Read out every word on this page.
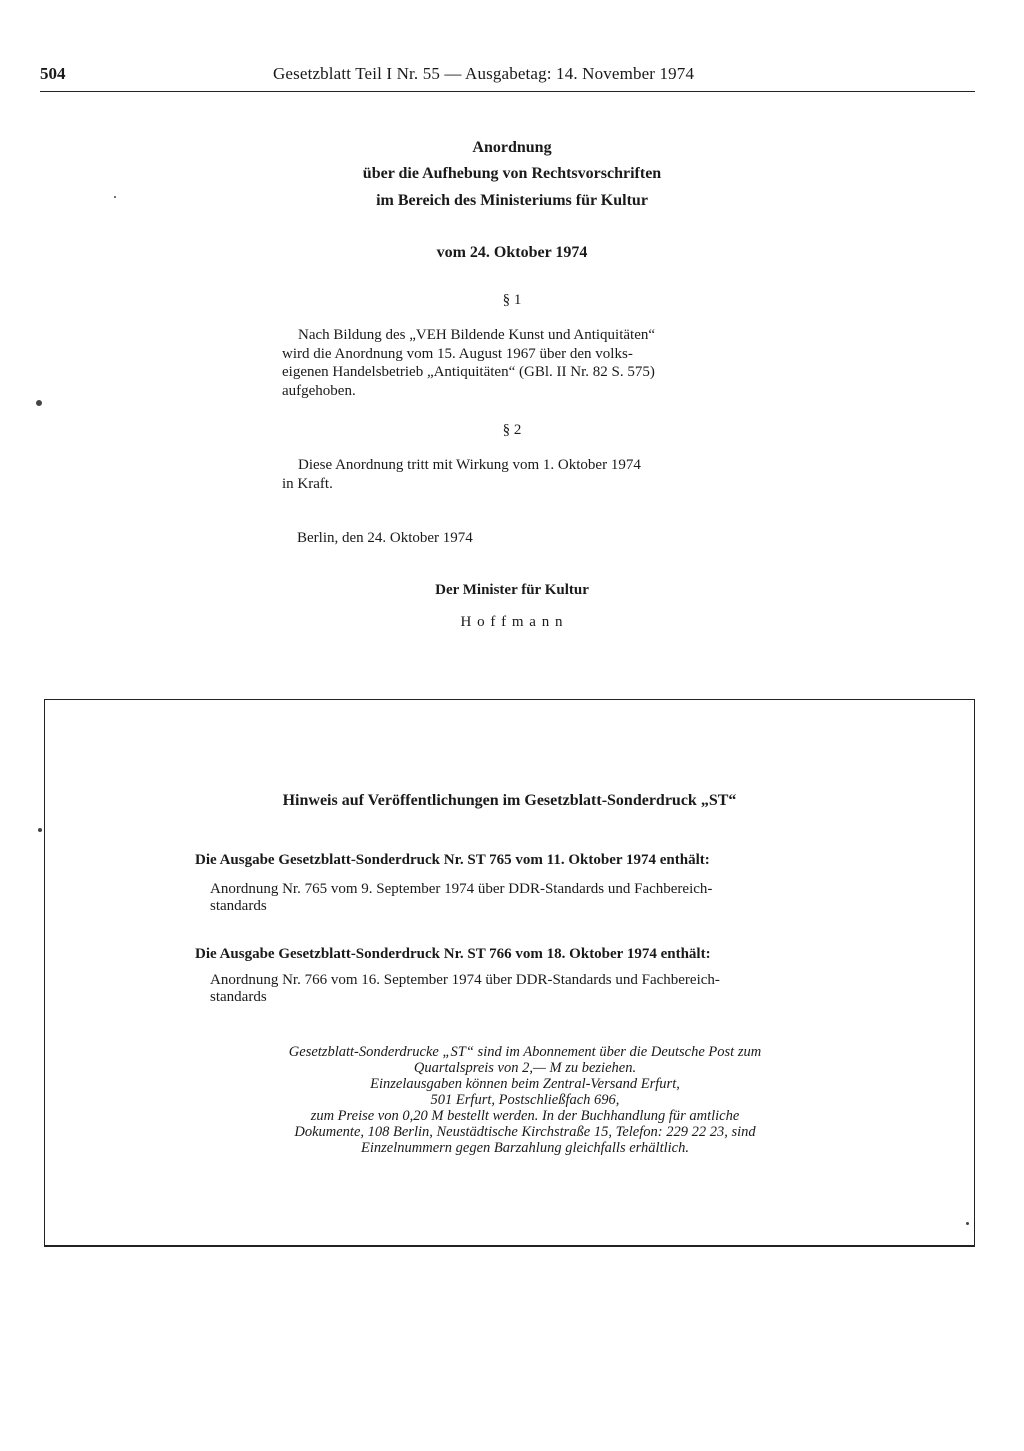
504	Gesetzblatt Teil I Nr. 55 — Ausgabetag: 14. November 1974
Anordnung
über die Aufhebung von Rechtsvorschriften
im Bereich des Ministeriums für Kultur
vom 24. Oktober 1974
§ 1
Nach Bildung des „VEH Bildende Kunst und Antiquitäten“
wird die Anordnung vom 15. August 1967 über den volks-
eigenen Handelsbetrieb „Antiquitäten“ (GBl. II Nr. 82 S. 575)
aufgehoben.
§ 2
Diese Anordnung tritt mit Wirkung vom 1. Oktober 1974
in Kraft.
Berlin, den 24. Oktober 1974
Der Minister für Kultur
H o f f m a n n
Hinweis auf Veröffentlichungen im Gesetzblatt-Sonderdruck „ST“
Die Ausgabe Gesetzblatt-Sonderdruck Nr. ST 765 vom 11. Oktober 1974 enthält:
Anordnung Nr. 765 vom 9. September 1974 über DDR-Standards und Fachbereich-
standards
Die Ausgabe Gesetzblatt-Sonderdruck Nr. ST 766 vom 18. Oktober 1974 enthält:
Anordnung Nr. 766 vom 16. September 1974 über DDR-Standards und Fachbereich-
standards
Gesetzblatt-Sonderdrucke „ST“ sind im Abonnement über die Deutsche Post zum
Quartalspreis von 2,— M zu beziehen.
Einzelausgaben können beim Zentral-Versand Erfurt,
501 Erfurt, Postschließfach 696,
zum Preise von 0,20 M bestellt werden. In der Buchhandlung für amtliche
Dokumente, 108 Berlin, Neustädtische Kirchstraße 15, Telefon: 229 22 23, sind
Einzelnummern gegen Barzahlung gleichfalls erhältlich.
